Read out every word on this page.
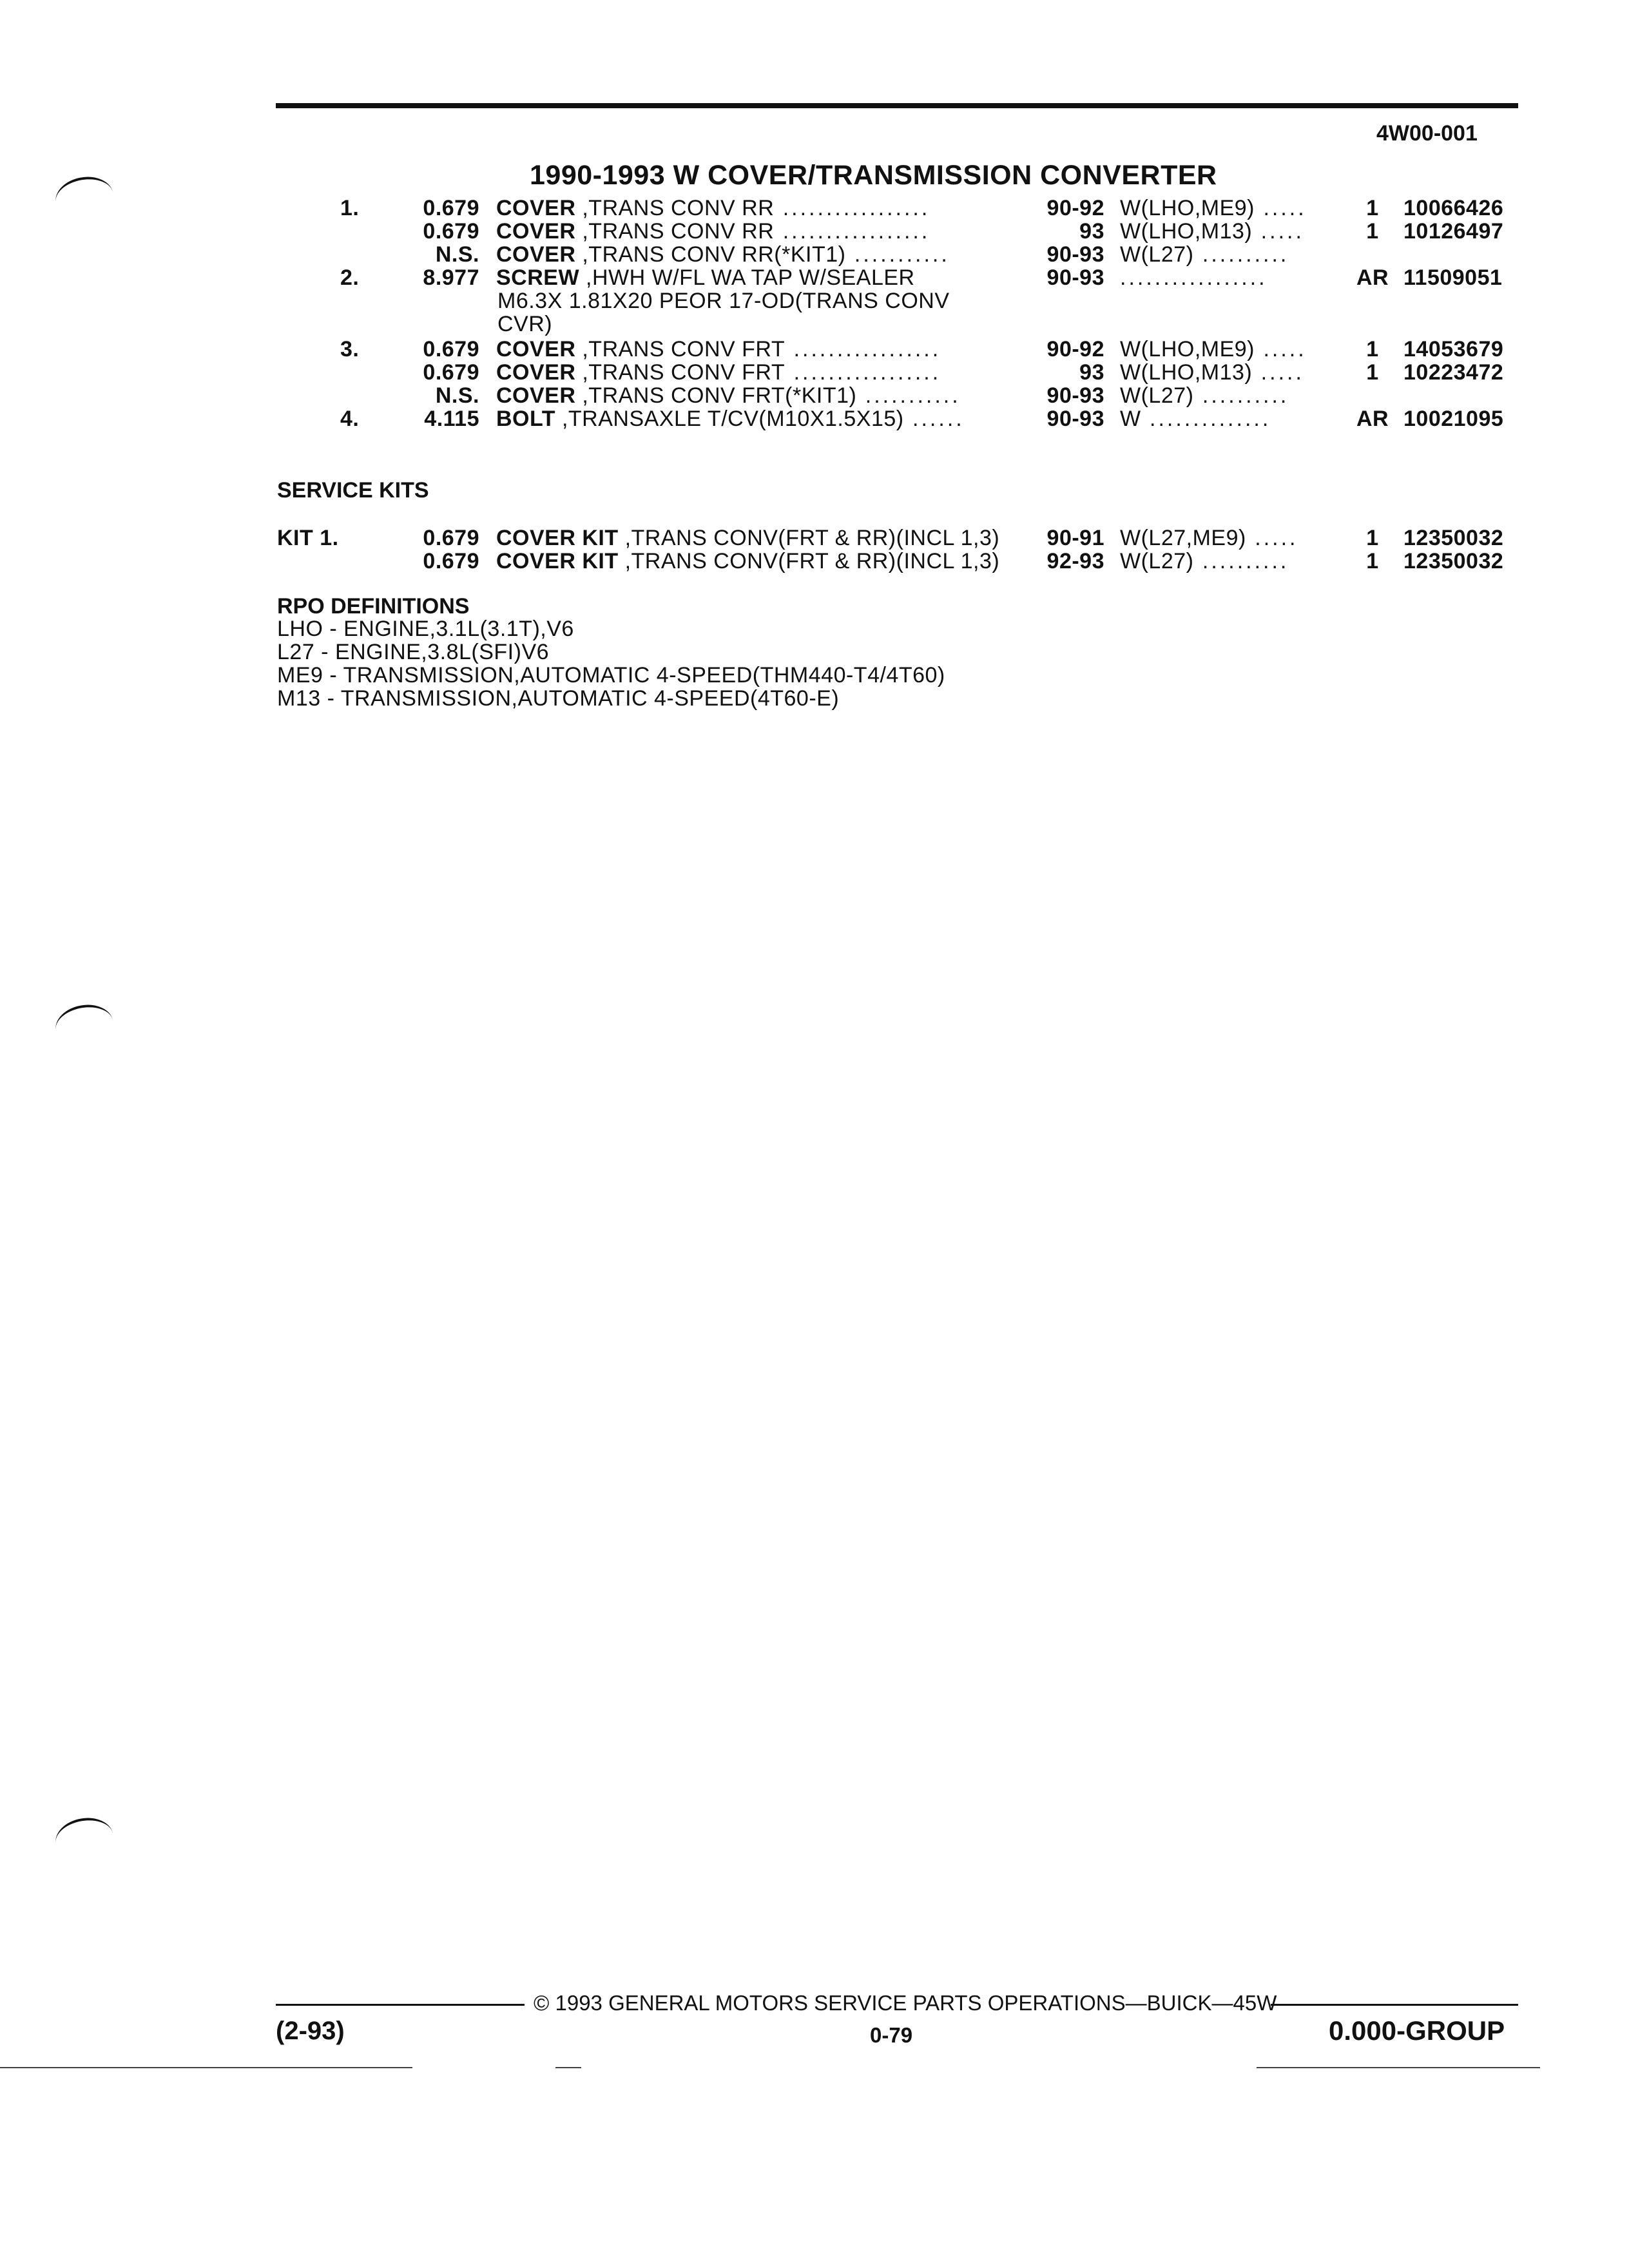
4W00-001
1990-1993 W COVER/TRANSMISSION CONVERTER
1.	0.679 COVER ,TRANS CONV RR .................	90-92 W(LHO,ME9) .....	1	10066426
0.679 COVER ,TRANS CONV RR .................	93 W(LHO,M13) .....	1	10126497
N.S. COVER ,TRANS CONV RR(*KIT1) ...........	90-93 W(L27) ..........
2.	8.977 SCREW ,HWH W/FL WA TAP W/SEALER	90-93 .................	AR 11509051
M6.3X 1.81X20 PEOR 17-OD(TRANS CONV
CVR)
3.	0.679 COVER ,TRANS CONV FRT .................	90-92 W(LHO,ME9) .....	1	14053679
0.679 COVER ,TRANS CONV FRT .................	93 W(LHO,M13) .....	1	10223472
N.S. COVER ,TRANS CONV FRT(*KIT1) ...........	90-93 W(L27) ..........
4.	4.115 BOLT ,TRANSAXLE T/CV(M10X1.5X15) ......	90-93 W ..............	AR 10021095
SERVICE KITS
KIT 1.	0.679 COVER KIT ,TRANS CONV(FRT & RR)(INCL 1,3)	90-91 W(L27,ME9) .....	1	12350032
0.679 COVER KIT ,TRANS CONV(FRT & RR)(INCL 1,3)	92-93 W(L27) ..........	1	12350032
RPO DEFINITIONS
LHO - ENGINE,3.1L(3.1T),V6
L27 - ENGINE,3.8L(SFI)V6
ME9 - TRANSMISSION,AUTOMATIC 4-SPEED(THM440-T4/4T60)
M13 - TRANSMISSION,AUTOMATIC 4-SPEED(4T60-E)
© 1993 GENERAL MOTORS SERVICE PARTS OPERATIONS—BUICK—45W
(2-93)	0-79	0.000-GROUP
